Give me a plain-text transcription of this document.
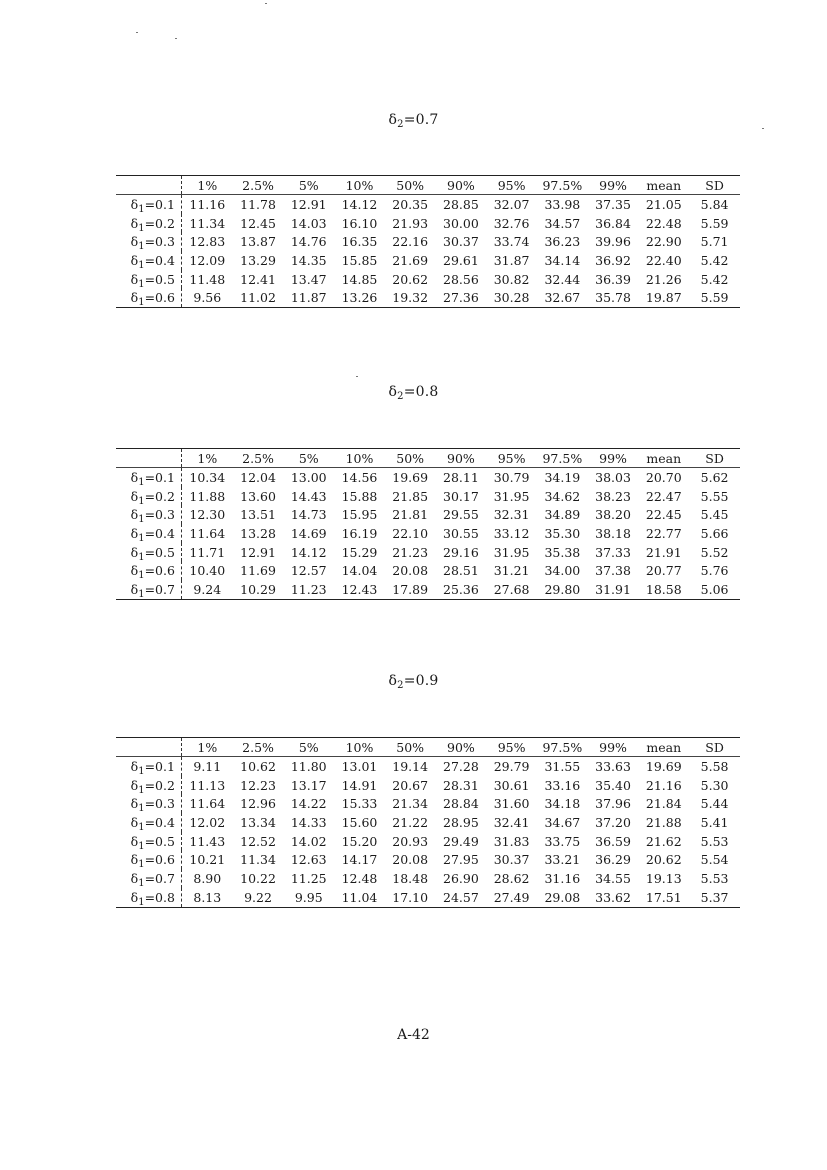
$\delta_2=0.7$
	1%	2.5%	5%	10%	50%	90%	95%	97.5%	99%	mean	SD
$\delta_1=0.1$	11.16	11.78	12.91	14.12	20.35	28.85	32.07	33.98	37.35	21.05	5.84
$\delta_1=0.2$	11.34	12.45	14.03	16.10	21.93	30.00	32.76	34.57	36.84	22.48	5.59
$\delta_1=0.3$	12.83	13.87	14.76	16.35	22.16	30.37	33.74	36.23	39.96	22.90	5.71
$\delta_1=0.4$	12.09	13.29	14.35	15.85	21.69	29.61	31.87	34.14	36.92	22.40	5.42
$\delta_1=0.5$	11.48	12.41	13.47	14.85	20.62	28.56	30.82	32.44	36.39	21.26	5.42
$\delta_1=0.6$	9.56	11.02	11.87	13.26	19.32	27.36	30.28	32.67	35.78	19.87	5.59
$\delta_2=0.8$
	1%	2.5%	5%	10%	50%	90%	95%	97.5%	99%	mean	SD
$\delta_1=0.1$	10.34	12.04	13.00	14.56	19.69	28.11	30.79	34.19	38.03	20.70	5.62
$\delta_1=0.2$	11.88	13.60	14.43	15.88	21.85	30.17	31.95	34.62	38.23	22.47	5.55
$\delta_1=0.3$	12.30	13.51	14.73	15.95	21.81	29.55	32.31	34.89	38.20	22.45	5.45
$\delta_1=0.4$	11.64	13.28	14.69	16.19	22.10	30.55	33.12	35.30	38.18	22.77	5.66
$\delta_1=0.5$	11.71	12.91	14.12	15.29	21.23	29.16	31.95	35.38	37.33	21.91	5.52
$\delta_1=0.6$	10.40	11.69	12.57	14.04	20.08	28.51	31.21	34.00	37.38	20.77	5.76
$\delta_1=0.7$	9.24	10.29	11.23	12.43	17.89	25.36	27.68	29.80	31.91	18.58	5.06
$\delta_2=0.9$
	1%	2.5%	5%	10%	50%	90%	95%	97.5%	99%	mean	SD
$\delta_1=0.1$	9.11	10.62	11.80	13.01	19.14	27.28	29.79	31.55	33.63	19.69	5.58
$\delta_1=0.2$	11.13	12.23	13.17	14.91	20.67	28.31	30.61	33.16	35.40	21.16	5.30
$\delta_1=0.3$	11.64	12.96	14.22	15.33	21.34	28.84	31.60	34.18	37.96	21.84	5.44
$\delta_1=0.4$	12.02	13.34	14.33	15.60	21.22	28.95	32.41	34.67	37.20	21.88	5.41
$\delta_1=0.5$	11.43	12.52	14.02	15.20	20.93	29.49	31.83	33.75	36.59	21.62	5.53
$\delta_1=0.6$	10.21	11.34	12.63	14.17	20.08	27.95	30.37	33.21	36.29	20.62	5.54
$\delta_1=0.7$	8.90	10.22	11.25	12.48	18.48	26.90	28.62	31.16	34.55	19.13	5.53
$\delta_1=0.8$	8.13	9.22	9.95	11.04	17.10	24.57	27.49	29.08	33.62	17.51	5.37
A-42
